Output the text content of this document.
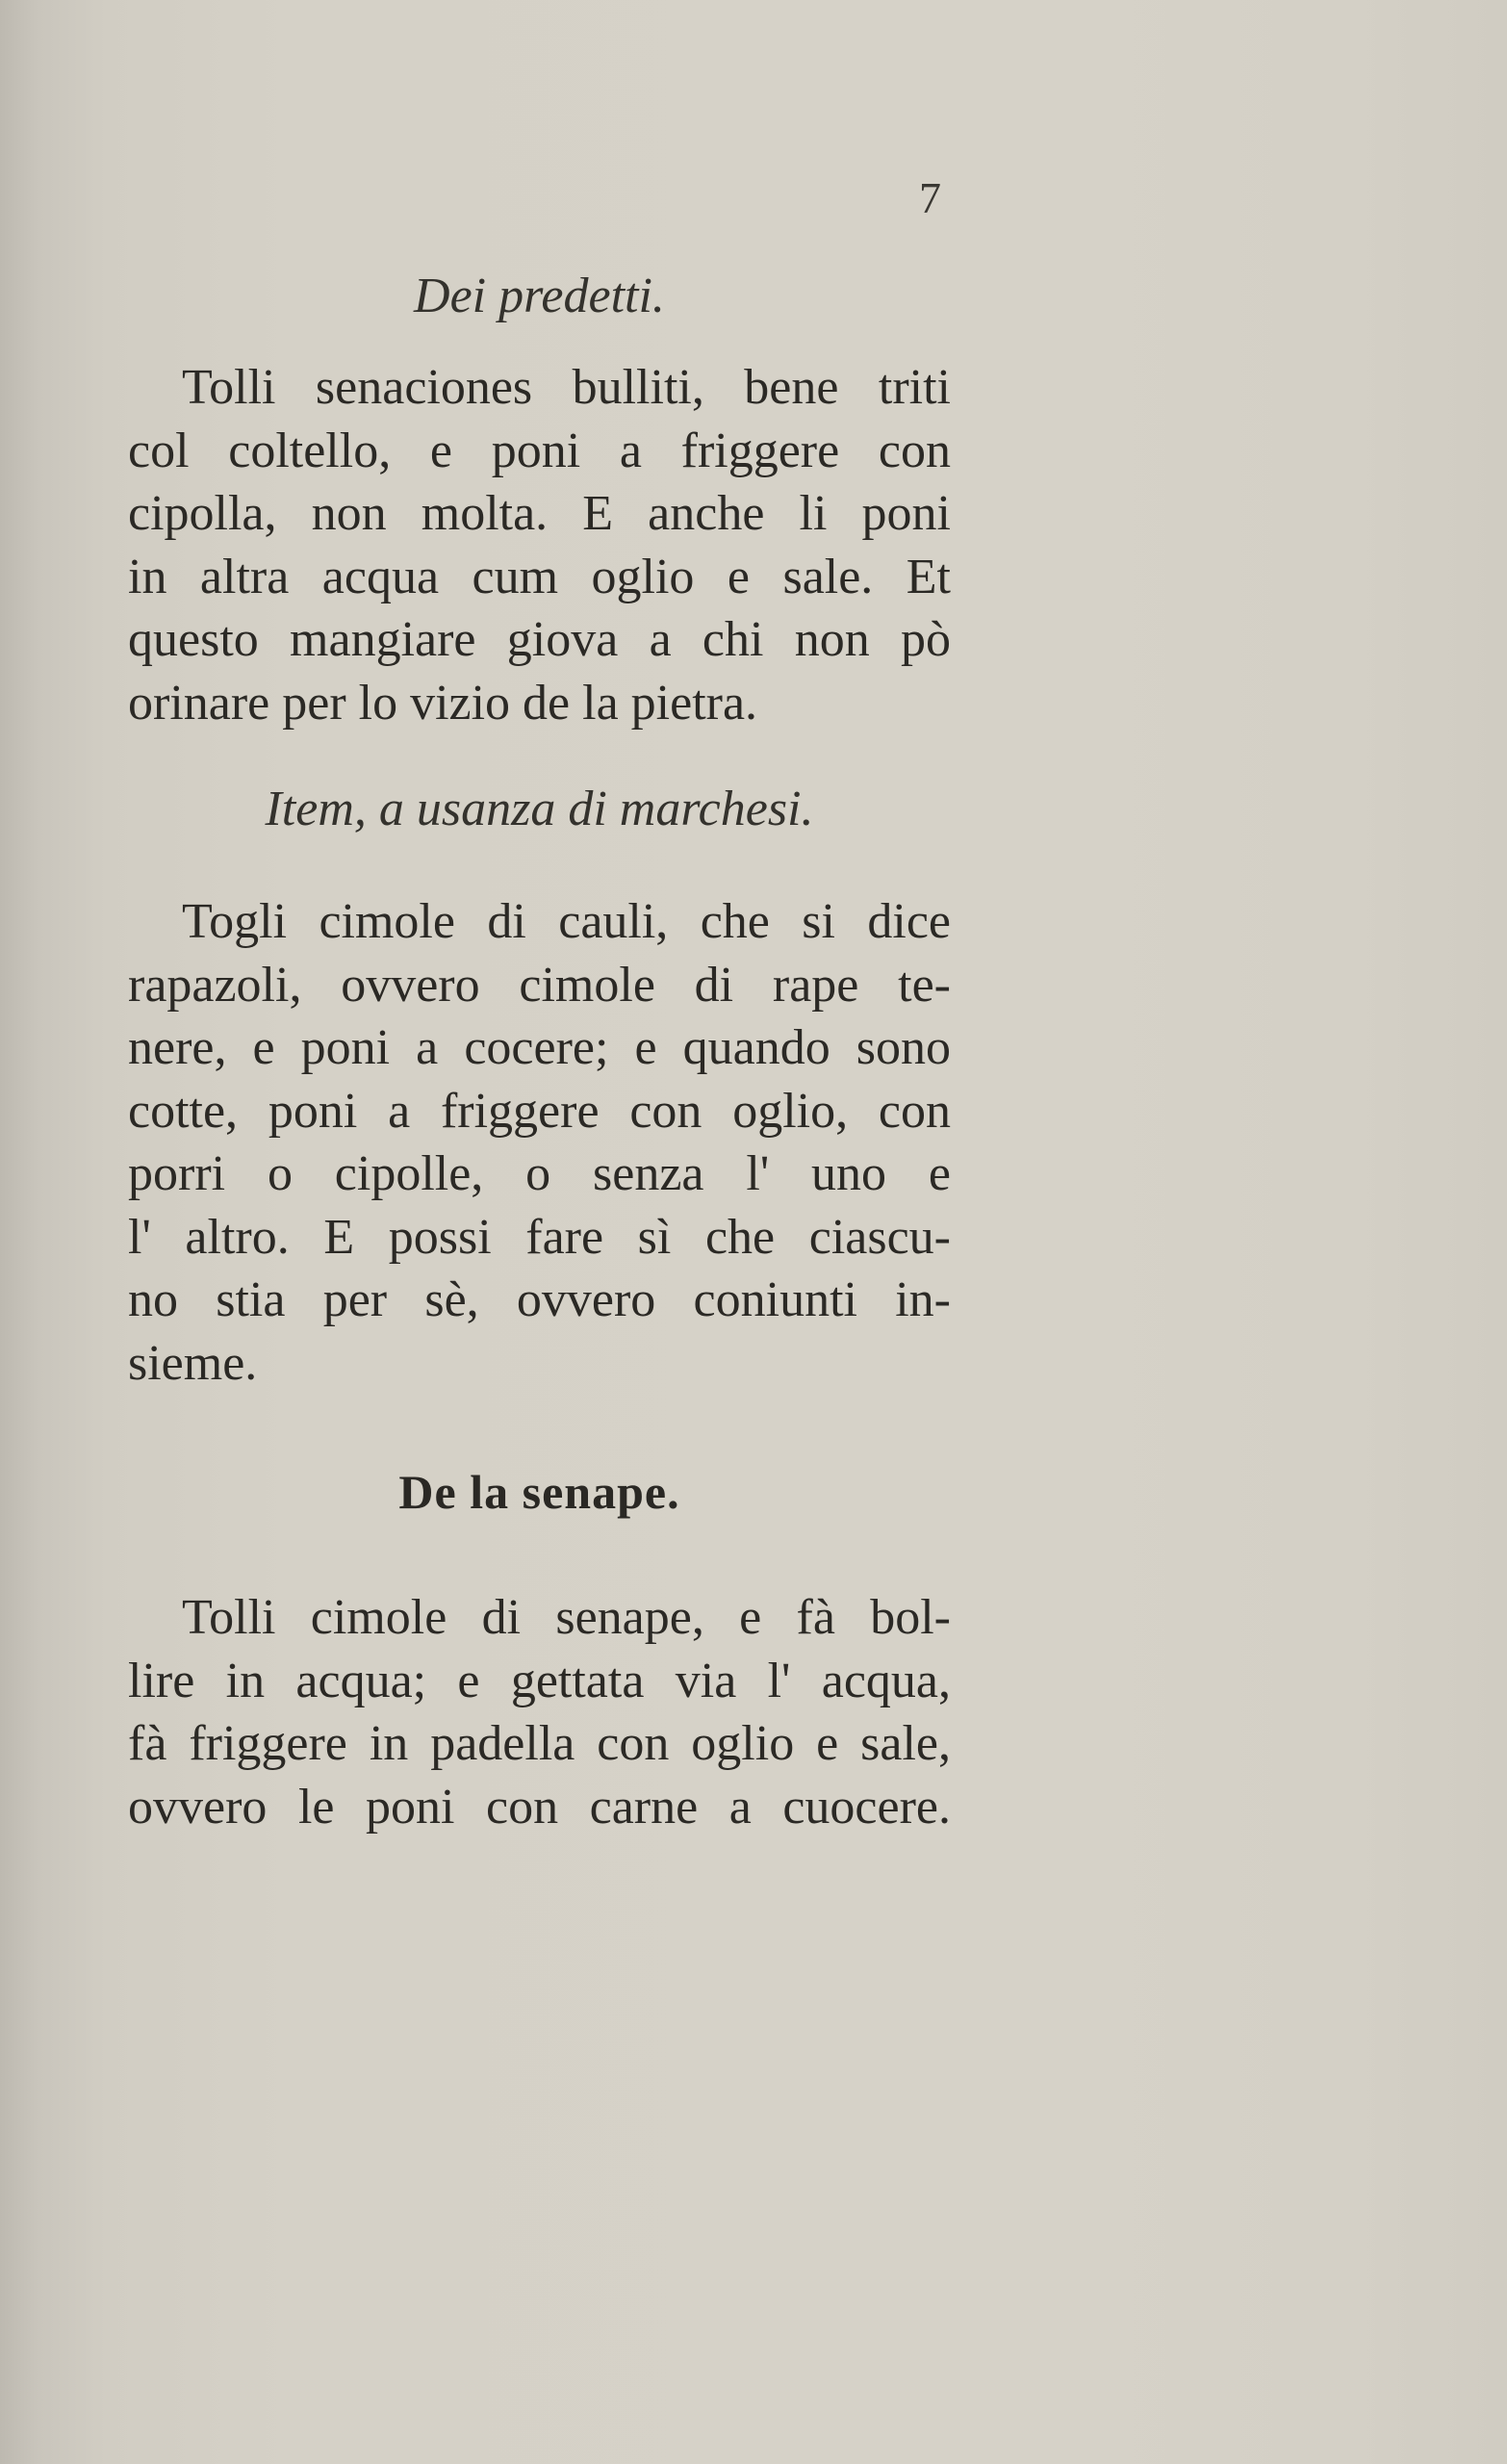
7
Dei predetti.

Tolli senaciones bulliti, bene triti

col coltello, e poni a friggere con

cipolla, non molta. E anche li poni

in altra acqua cum oglio e sale. Et

questo mangiare giova a chi non pò

orinare per lo vizio de la pietra.

Item, a usanza di marchesi.

Togli cimole di cauli, che si dice

rapazoli, ovvero cimole di rape te-

nere, e poni a cocere; e quando sono

cotte, poni a friggere con oglio, con

porri o cipolle, o senza l' uno e

l' altro. E possi fare sì che ciascu-

no stia per sè, ovvero coniunti in-

sieme.

De la senape.

Tolli cimole di senape, e fà bol-

lire in acqua; e gettata via l' acqua,

fà friggere in padella con oglio e sale,

ovvero le poni con carne a cuocere.
